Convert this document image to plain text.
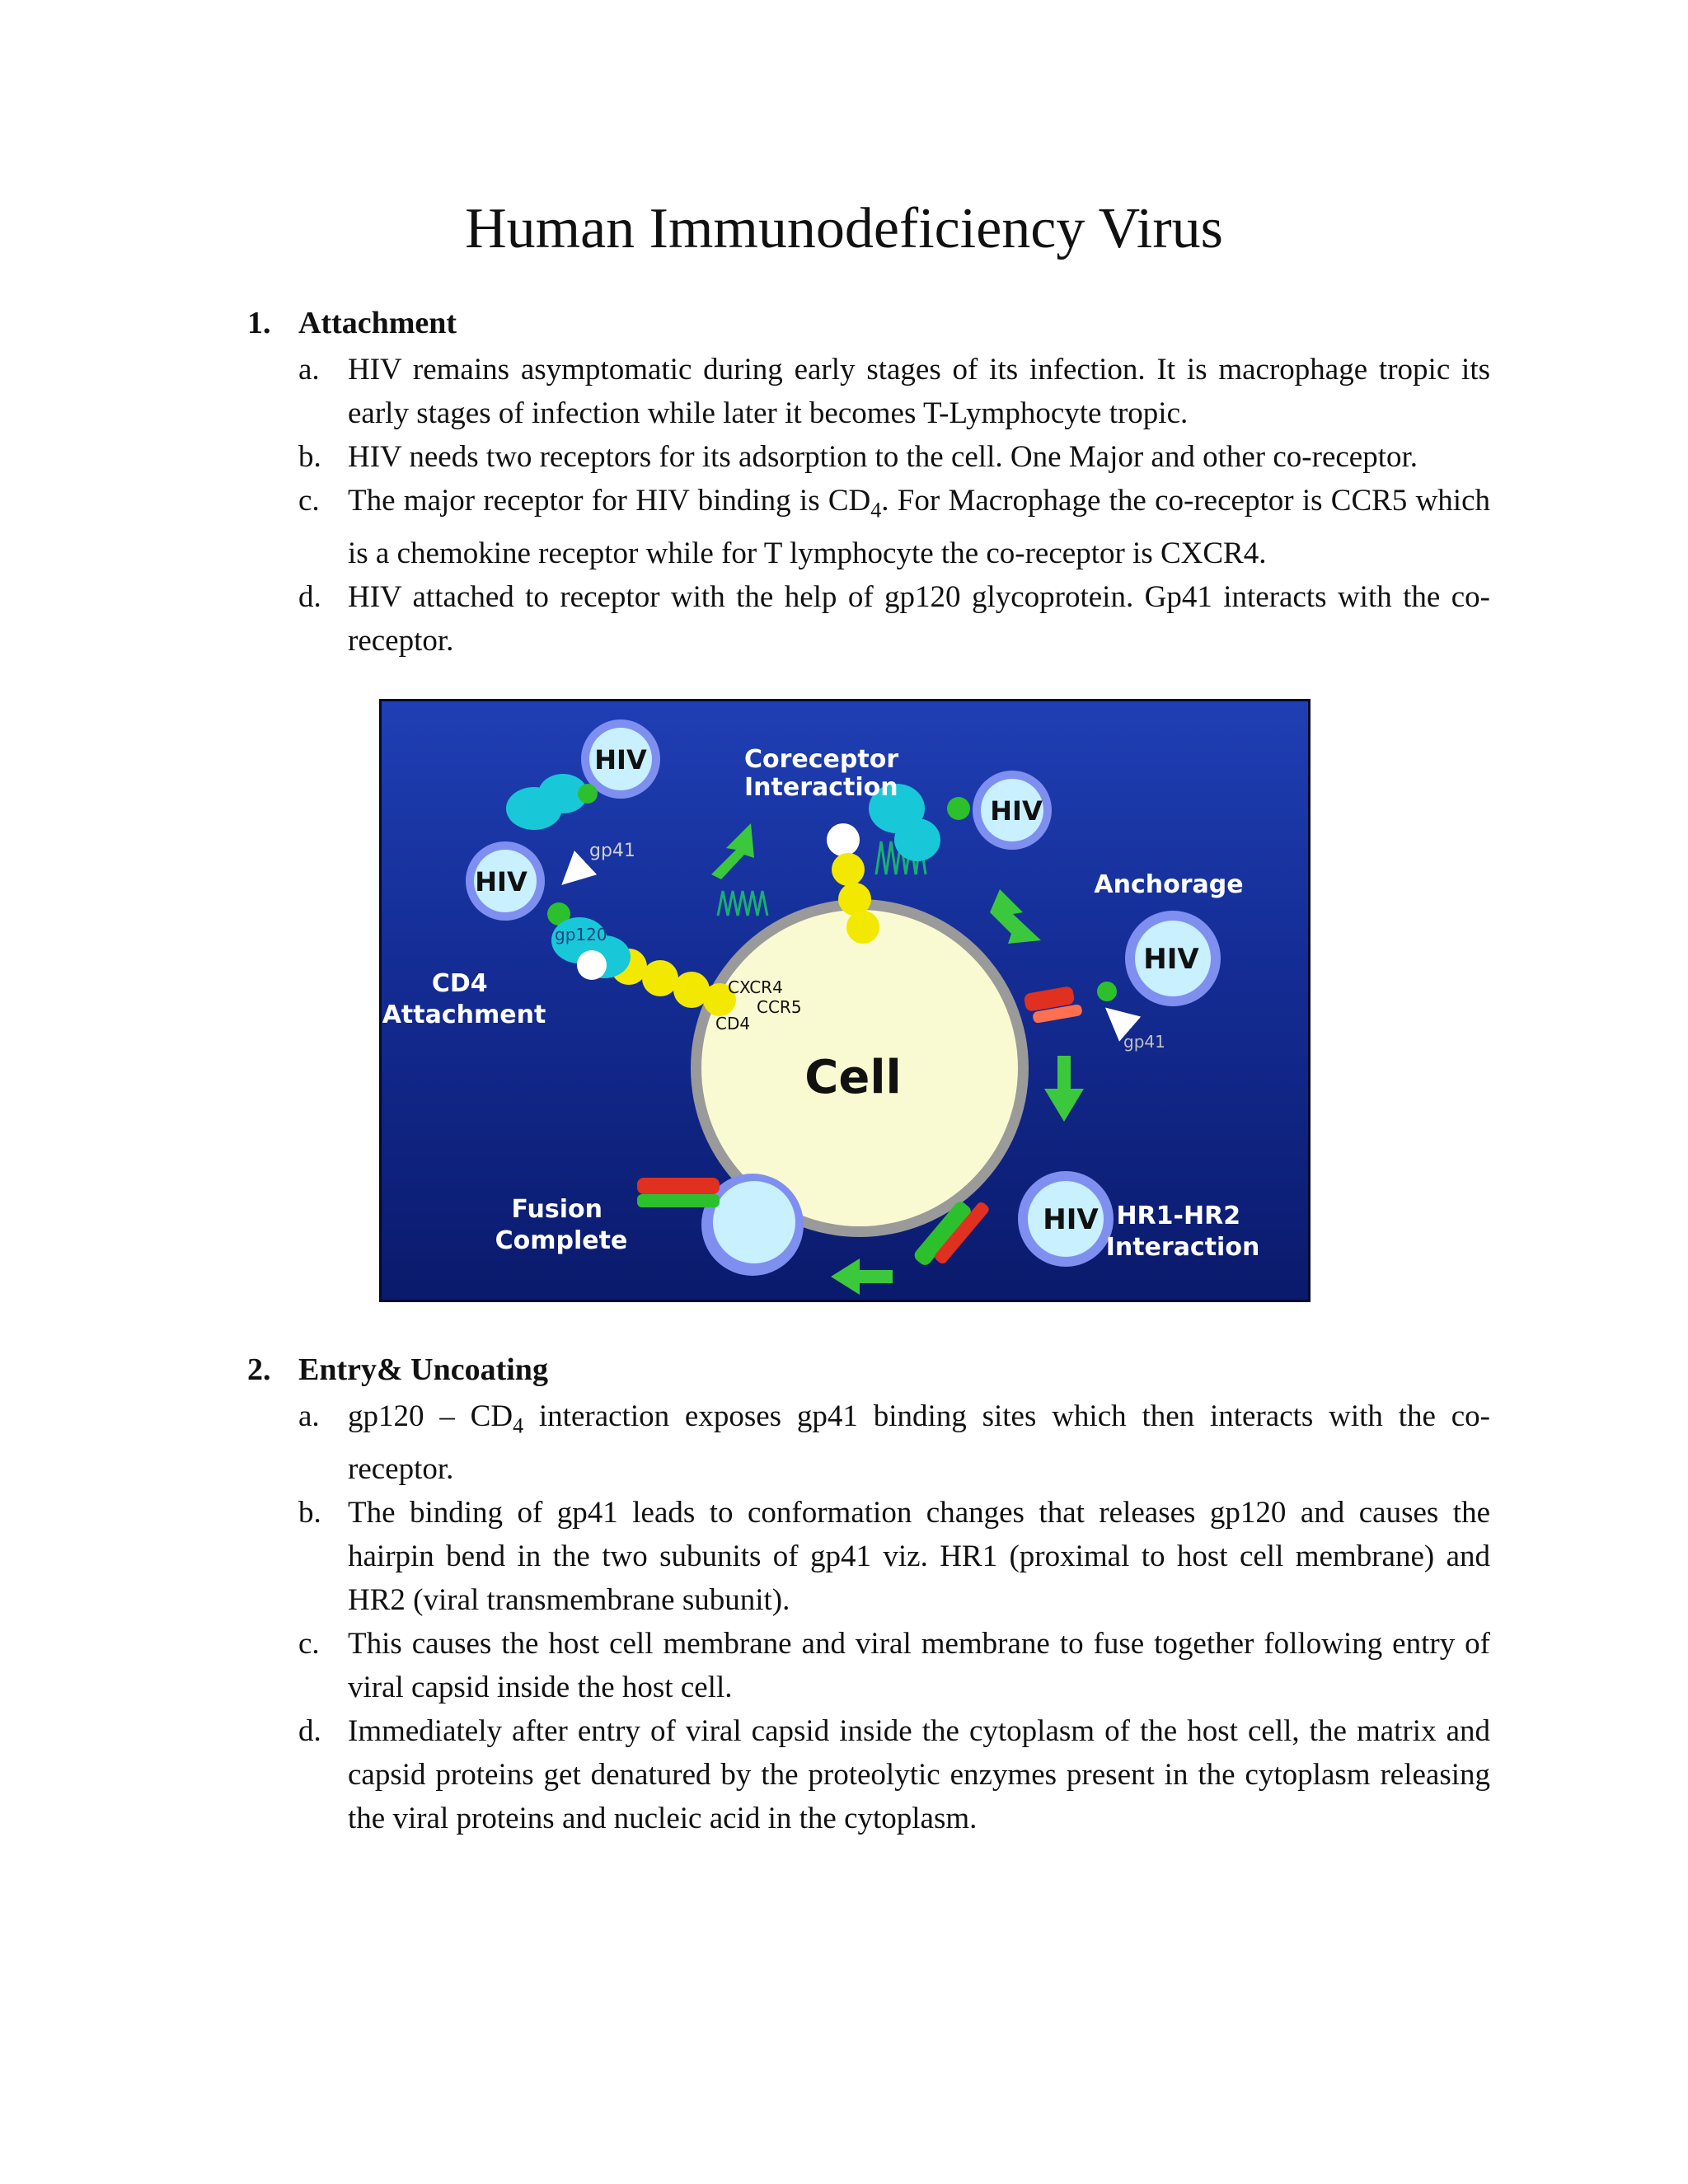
Human Immunodeficiency Virus
1. Attachment
a. HIV remains asymptomatic during early stages of its infection. It is macrophage tropic its early stages of infection while later it becomes T-Lymphocyte tropic.
b. HIV needs two receptors for its adsorption to the cell. One Major and other co-receptor.
c. The major receptor for HIV binding is $CD_4$. For Macrophage the co-receptor is CCR5 which is a chemokine receptor while for T lymphocyte the co-receptor is CXCR4.
d. HIV attached to receptor with the help of gp120 glycoprotein. Gp41 interacts with the co-receptor.
Cell
HIV
HIV
gp41
gp120
HIV
HIV
gp41
HIV
Coreceptor Interaction
Anchorage
CD4 Attachment
Fusion Complete
HR1-HR2 Interaction
CXCR4
CCR5
CD4
2. Entry& Uncoating
a. $gp120 - CD_4$ interaction exposes gp41 binding sites which then interacts with the co-receptor.
b. The binding of gp41 leads to conformation changes that releases gp120 and causes the hairpin bend in the two subunits of gp41 viz. HR1 (proximal to host cell membrane) and HR2 (viral transmembrane subunit).
c. This causes the host cell membrane and viral membrane to fuse together following entry of viral capsid inside the host cell.
d. Immediately after entry of viral capsid inside the cytoplasm of the host cell, the matrix and capsid proteins get denatured by the proteolytic enzymes present in the cytoplasm releasing the viral proteins and nucleic acid in the cytoplasm.
